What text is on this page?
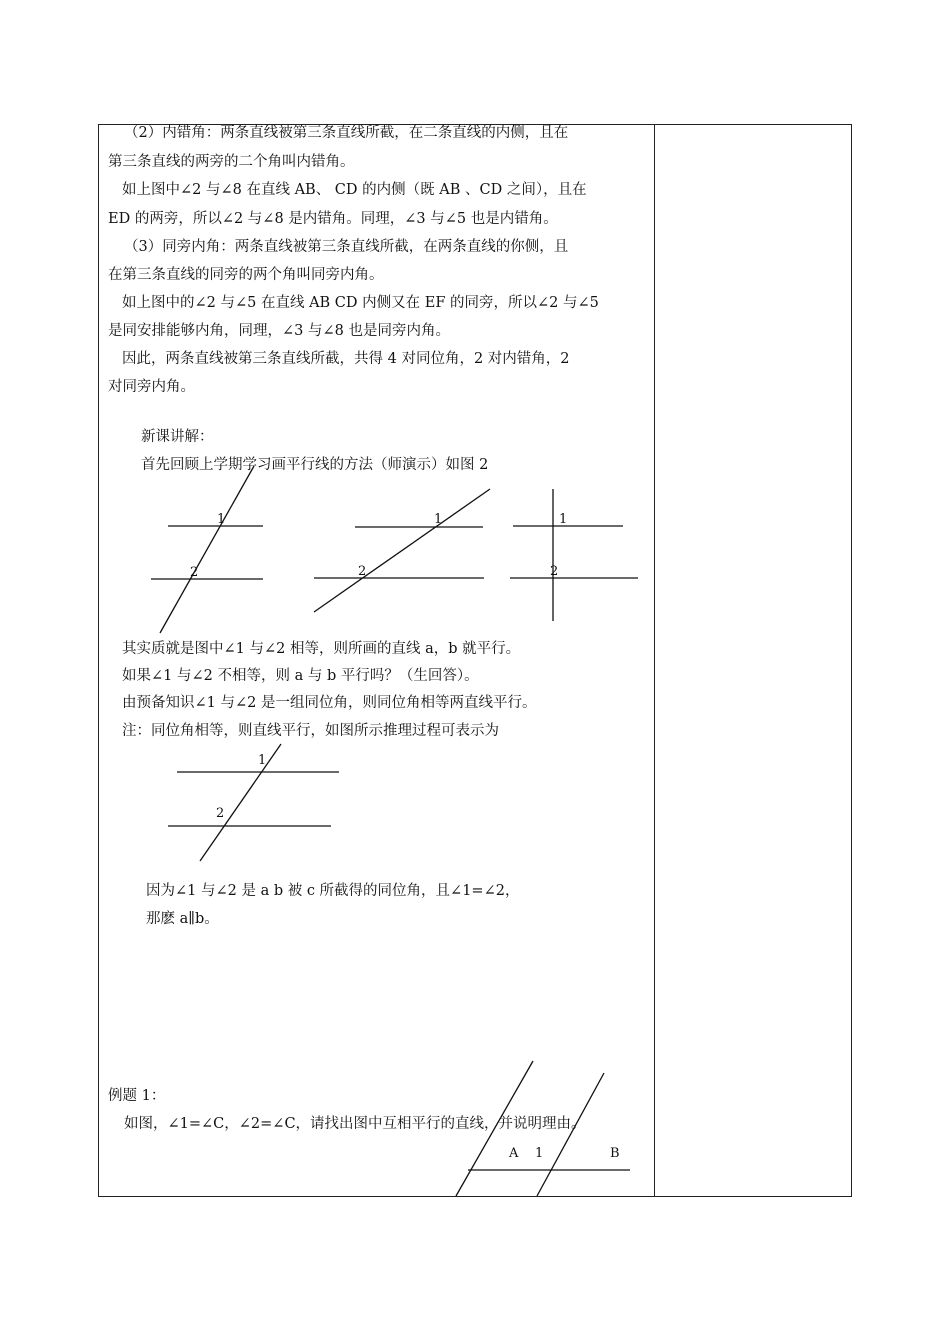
（2）内错角：两条直线被第三条直线所截，在二条直线的内侧，且在
第三条直线的两旁的二个角叫内错角。
如上图中∠2 与∠8 在直线 AB、 CD 的内侧（既 AB 、CD 之间），且在
ED 的两旁，所以∠2 与∠8 是内错角。同理，∠3 与∠5 也是内错角。
（3）同旁内角：两条直线被第三条直线所截，在两条直线的你侧，且
在第三条直线的同旁的两个角叫同旁内角。
如上图中的∠2 与∠5 在直线 AB CD 内侧又在 EF 的同旁，所以∠2 与∠5
是同安排能够内角，同理，∠3 与∠8 也是同旁内角。
因此，两条直线被第三条直线所截，共得 4 对同位角，2 对内错角，2
对同旁内角。
新课讲解：
首先回顾上学期学习画平行线的方法（师演示）如图 2
其实质就是图中∠1 与∠2 相等，则所画的直线 a，b 就平行。
如果∠1 与∠2 不相等，则 a 与 b 平行吗？（生回答）。
由预备知识∠1 与∠2 是一组同位角，则同位角相等两直线平行。
注：同位角相等，则直线平行，如图所示推理过程可表示为
因为∠1 与∠2 是 a b 被 c 所截得的同位角，且∠1=∠2，
那麽 a∥b。
例题 1：
如图，∠1=∠C，∠2=∠C，请找出图中互相平行的直线，并说明理由。
1
2
1
2
1
2
1
2
A 1	B
